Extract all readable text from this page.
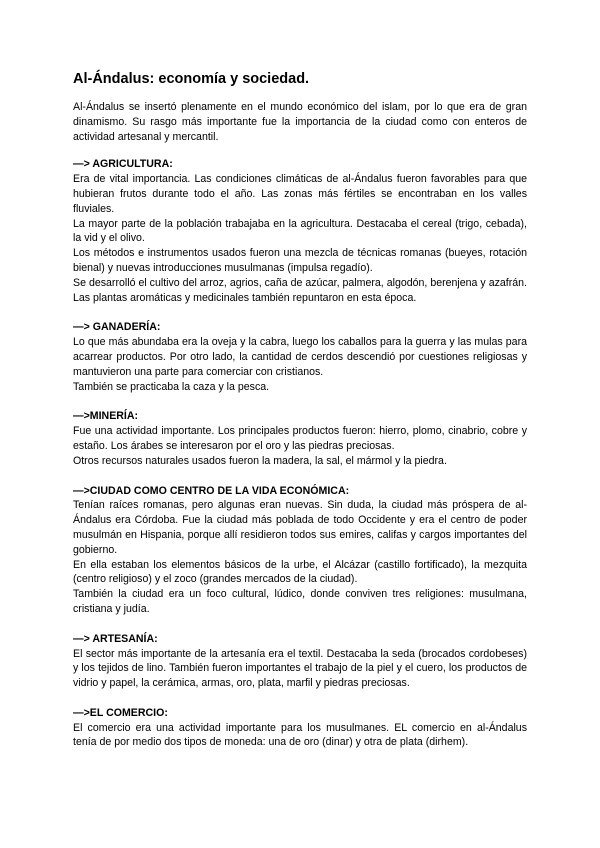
Al-Ándalus: economía y sociedad.

Al-Ándalus se insertó plenamente en el mundo económico del islam, por lo que era de gran dinamismo. Su rasgo más importante fue la importancia de la ciudad como con enteros de actividad artesanal y mercantil.

—> AGRICULTURA:

Era de vital importancia. Las condiciones climáticas de al-Ándalus fueron favorables para que hubieran frutos durante todo el año. Las zonas más fértiles se encontraban en los valles fluviales.

La mayor parte de la población trabajaba en la agricultura. Destacaba el cereal (trigo, cebada), la vid y el olivo.

Los métodos e instrumentos usados fueron una mezcla de técnicas romanas (bueyes, rotación bienal) y nuevas introducciones musulmanas (impulsa regadío).

Se desarrolló el cultivo del arroz, agrios, caña de azúcar, palmera, algodón, berenjena y azafrán. Las plantas aromáticas y medicinales también repuntaron en esta época.

—> GANADERÍA:

Lo que más abundaba era la oveja y la cabra, luego los caballos para la guerra y las mulas para acarrear productos. Por otro lado, la cantidad de cerdos descendió por cuestiones religiosas y mantuvieron una parte para comerciar con cristianos.

También se practicaba la caza y la pesca.

—>MINERÍA:

Fue una actividad importante. Los principales productos fueron: hierro, plomo, cinabrio, cobre y estaño. Los árabes se interesaron por el oro y las piedras preciosas.

Otros recursos naturales usados fueron la madera, la sal, el mármol y la piedra.

—>CIUDAD COMO CENTRO DE LA VIDA ECONÓMICA:

Tenían raíces romanas, pero algunas eran nuevas. Sin duda, la ciudad más próspera de al-Ándalus era Córdoba. Fue la ciudad más poblada de todo Occidente y era el centro de poder musulmán en Hispania, porque allí residieron todos sus emires, califas y cargos importantes del gobierno.

En ella estaban los elementos básicos de la urbe, el Alcázar (castillo fortificado), la mezquita (centro religioso) y el zoco (grandes mercados de la ciudad).

También la ciudad era un foco cultural, lúdico, donde conviven tres religiones: musulmana, cristiana y judía.

—> ARTESANÍA:

El sector más importante de la artesanía era el textil. Destacaba la seda (brocados cordobeses) y los tejidos de lino. También fueron importantes el trabajo de la piel y el cuero, los productos de vidrio y papel, la cerámica, armas, oro, plata, marfil y piedras preciosas.

—>EL COMERCIO:

El comercio era una actividad importante para los musulmanes. EL comercio en al-Ándalus tenía de por medio dos tipos de moneda: una de oro (dinar) y otra de plata (dirhem).
